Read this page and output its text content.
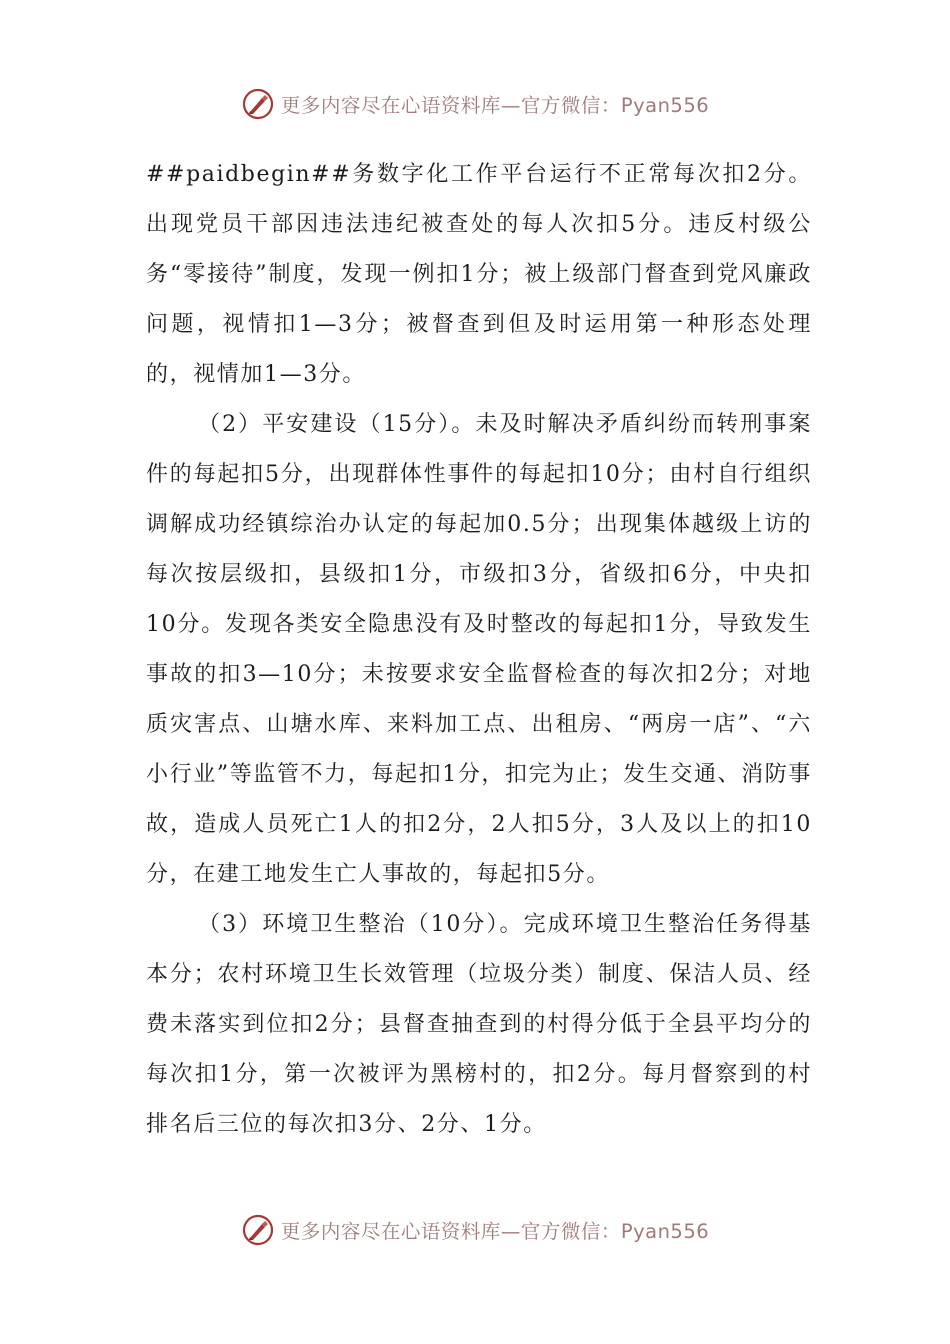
更多内容尽在心语资料库—官方微信：Pyan556

##paidbegin##务数字化工作平台运行不正常每次扣2分。出现党员干部因违法违纪被查处的每人次扣5分。违反村级公务“零接待”制度，发现一例扣1分；被上级部门督查到党风廉政问题，视情扣1—3分；被督查到但及时运用第一种形态处理的，视情加1—3分。

（2）平安建设（15分）。未及时解决矛盾纠纷而转刑事案件的每起扣5分，出现群体性事件的每起扣10分；由村自行组织调解成功经镇综治办认定的每起加0.5分；出现集体越级上访的每次按层级扣，县级扣1分，市级扣3分，省级扣6分，中央扣10分。发现各类安全隐患没有及时整改的每起扣1分，导致发生事故的扣3—10分；未按要求安全监督检查的每次扣2分；对地质灾害点、山塘水库、来料加工点、出租房、“两房一店”、“六小行业”等监管不力，每起扣1分，扣完为止；发生交通、消防事故，造成人员死亡1人的扣2分，2人扣5分，3人及以上的扣10分，在建工地发生亡人事故的，每起扣5分。

（3）环境卫生整治（10分）。完成环境卫生整治任务得基本分；农村环境卫生长效管理（垃圾分类）制度、保洁人员、经费未落实到位扣2分；县督查抽查到的村得分低于全县平均分的每次扣1分，第一次被评为黑榜村的，扣2分。每月督察到的村排名后三位的每次扣3分、2分、1分。

更多内容尽在心语资料库—官方微信：Pyan556
